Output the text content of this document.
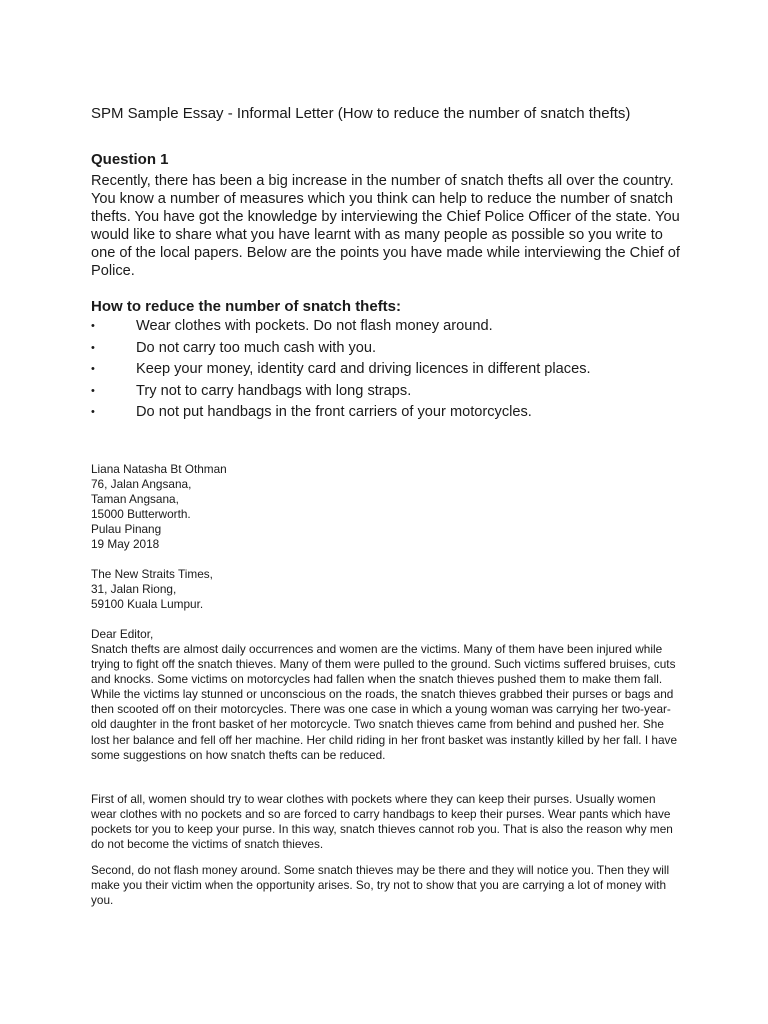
SPM Sample Essay - Informal Letter (How to reduce the number of snatch thefts)
Question 1

Recently, there has been a big increase in the number of snatch thefts all over the country. You know a number of measures which you think can help to reduce the number of snatch thefts. You have got the knowledge by interviewing the Chief Police Officer of the state. You would like to share what you have learnt with as many people as possible so you write to one of the local papers. Below are the points you have made while interviewing the Chief of Police.

How to reduce the number of snatch thefts:
•	Wear clothes with pockets. Do not flash money around.
•	Do not carry too much cash with you.
•	Keep your money, identity card and driving licences in different places.
•	Try not to carry handbags with long straps.
•	Do not put handbags in the front carriers of your motorcycles.
Liana Natasha Bt Othman
76, Jalan Angsana,
Taman Angsana,
15000 Butterworth.
Pulau Pinang
19 May 2018
The New Straits Times,
31, Jalan Riong,
59100 Kuala Lumpur.
Dear Editor,

Snatch thefts are almost daily occurrences and women are the victims. Many of them have been injured while trying to fight off the snatch thieves. Many of them were pulled to the ground. Such victims suffered bruises, cuts and knocks. Some victims on motorcycles had fallen when the snatch thieves pushed them to make them fall. While the victims lay stunned or unconscious on the roads, the snatch thieves grabbed their purses or bags and then scooted off on their motorcycles. There was one case in which a young woman was carrying her two-year-old daughter in the front basket of her motorcycle. Two snatch thieves came from behind and pushed her. She lost her balance and fell off her machine. Her child riding in her front basket was instantly killed by her fall. I have some suggestions on how snatch thefts can be reduced.

First of all, women should try to wear clothes with pockets where they can keep their purses. Usually women wear clothes with no pockets and so are forced to carry handbags to keep their purses. Wear pants which have pockets tor you to keep your purse. In this way, snatch thieves cannot rob you. That is also the reason why men do not become the victims of snatch thieves.

Second, do not flash money around. Some snatch thieves may be there and they will notice you. Then they will make you their victim when the opportunity arises. So, try not to show that you are carrying a lot of money with you.
